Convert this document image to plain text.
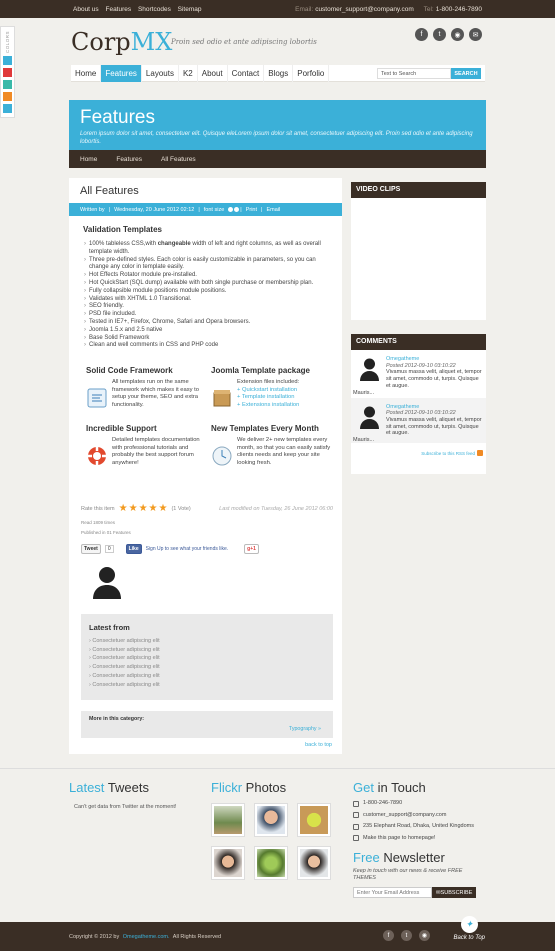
About us Features Shortcodes Sitemap	Email: customer_support@company.com Tel: 1-800-246-7890
COLORS	CorpMX
Proin sed odio et ante adipiscing lobortis
f	t	◉	✉
Home	Features	Layouts	K2	About	Contact	Blogs	Porfolio
Text to Search	SEARCH
Features

Lorem ipsum dolor sit amet, consectetuer elit. Quisque eleLorem ipsum dolor sit amet, consectetuer adipiscing elit. Proin sed odio et ante adipiscing lobortis.

Home	Features	All Features
All Features
Written by | Wednesday, 20 June 2012 02:12 | font size	| Print | Email
Validation Templates
› 100% tableless CSS,with changeable width of left and right columns, as well as overall template width.
› Three pre-defined styles. Each color is easily customizable in parameters, so you can change any color in template easily.
› Hot Effects Rotator module pre-installed.
› Hot QuickStart (SQL dump) available with both single purchase or membership plan.
› Fully collapsible module positions module positions.
› Validates with XHTML 1.0 Transitional.
› SEO friendly.
› PSD file included.
› Tested in IE7+, Firefox, Chrome, Safari and Opera browsers.
› Joomla 1.5.x and 2.5 native
› Base Solid Framework
› Clean and well comments in CSS and PHP code
Solid Code Framework
All templates run on the same framework which makes it easy to setup your theme, SEO and extra functionality.
Joomla Template package
Extension files included:
+ Quickstart installation
+ Template installation
+ Extensions installation
Incredible Support
Detailed templates documentation with professional tutorials and probably the best support forum anywhere!
New Templates Every Month
We deliver 2+ new templates every month, so that you can easily satisfy clients needs and keep your site looking fresh.
Rate this item ★ ★ ★ ★ ★ (1 Vote)	Last modified on Tuesday, 26 June 2012 06:00
Read 1809 times
Published in 01 Features
Tweet	0	Like	Sign Up to see what your friends like.	g+1
Latest from
› Consectetuer adipiscing elit
› Consectetuer adipiscing elit
› Consectetuer adipiscing elit
› Consectetuer adipiscing elit
› Consectetuer adipiscing elit
› Consectetuer adipiscing elit
More in this category:
Typography »
back to top
VIDEO CLIPS
COMMENTS
Omegatheme
Posted 2012-09-10 03:10:22
Vivamus massa velit, aliquet et, tempor sit amet, commodo ut, turpis. Quisque et augue.
Mauris...
Omegatheme
Posted 2012-09-10 03:10:22
Vivamus massa velit, aliquet et, tempor sit amet, commodo ut, turpis. Quisque et augue.
Mauris...
Subscribe to this RSS feed
Latest Tweets

Can't get data from Twitter at the moment!

Flickr Photos	Get in Touch
1-800-246-7890
customer_support@company.com
235 Elephant Road, Dhaka, United Kingdoms
Make this page to homepage!
Free Newsletter

Keep in touch with our news & receive FREE THEMES

Enter Your Email Address
✉SUBSCRIBE
Copyright © 2012 by Omegatheme.com. All Rights Reserved	f	t	◉
✦
Back to Top
